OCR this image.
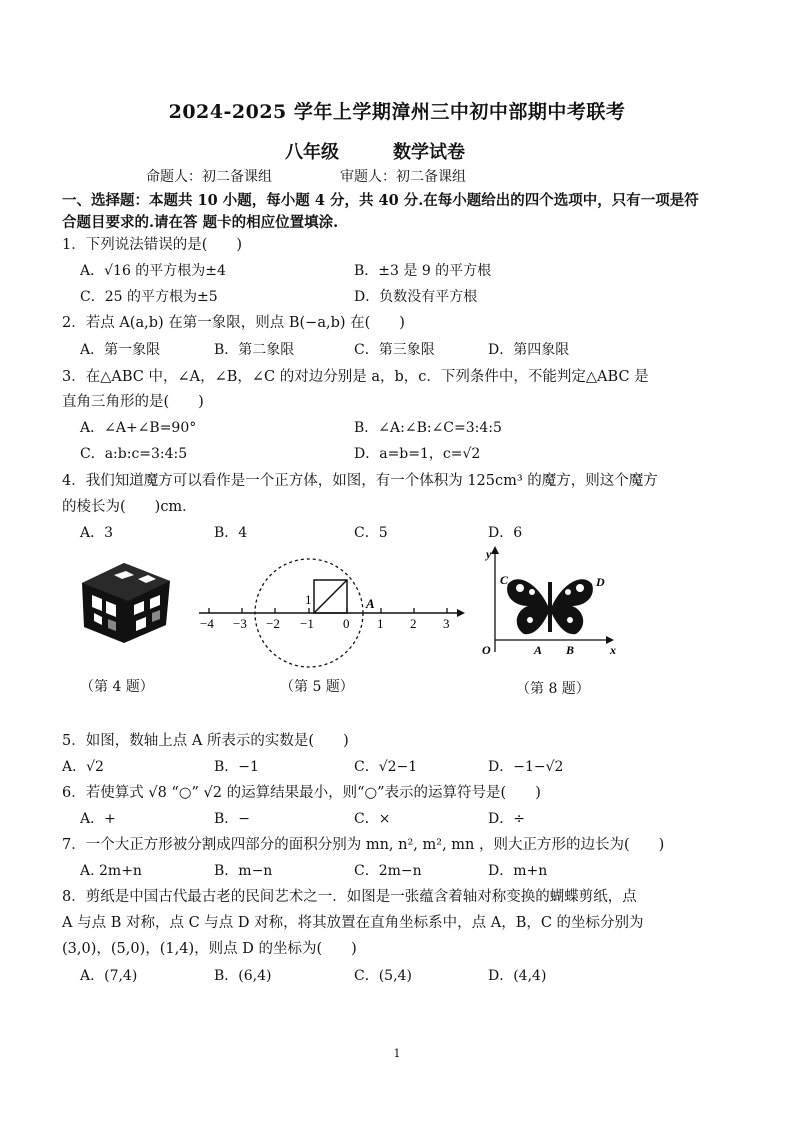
2024-2025 学年上学期漳州三中初中部期中考联考
八年级	数学试卷
命题人：初二备课组	审题人：初二备课组
一、选择题：本题共 10 小题，每小题 4 分，共 40 分.在每小题给出的四个选项中，只有一项是符合题目要求的.请在答 题卡的相应位置填涂.
1．下列说法错误的是(　　)
A．√16 的平方根为±4	B．±3 是 9 的平方根
C．25 的平方根为±5	D．负数没有平方根
2．若点 A(a,b) 在第一象限，则点 B(−a,b) 在(　　)
A．第一象限	B．第二象限	C．第三象限	D．第四象限
3．在△ABC 中，∠A，∠B，∠C 的对边分别是 a，b，c．下列条件中，不能判定△ABC 是
直角三角形的是(　　)
A．∠A+∠B=90°	B．∠A:∠B:∠C=3:4:5
C．a:b:c=3:4:5	D．a=b=1，c=√2
4．我们知道魔方可以看作是一个正方体，如图，有一个体积为 125cm³ 的魔方，则这个魔方
的棱长为(　　)cm．
A．3	B．4	C．5	D．6
−4 −3 −2 −1 0 1 2 3
1	A
y
x
O	A B
C	D
（第 4 题）	（第 5 题）	（第 8 题）
5．如图，数轴上点 A 所表示的实数是(　　)
A．√2	B．−1	C．√2−1	D．−1−√2
6．若使算式 √8 “○” √2 的运算结果最小，则“○”表示的运算符号是(　　)
A．+	B．−	C．×	D．÷
7．一个大正方形被分割成四部分的面积分别为 mn, n², m², mn ，则大正方形的边长为(　　)
A. 2m+n	B．m−n	C．2m−n	D．m+n
8．剪纸是中国古代最古老的民间艺术之一．如图是一张蕴含着轴对称变换的蝴蝶剪纸，点
A 与点 B 对称，点 C 与点 D 对称，将其放置在直角坐标系中，点 A，B，C 的坐标分别为
(3,0)，(5,0)，(1,4)，则点 D 的坐标为(　　)
A．(7,4)	B．(6,4)	C．(5,4)	D．(4,4)
1
